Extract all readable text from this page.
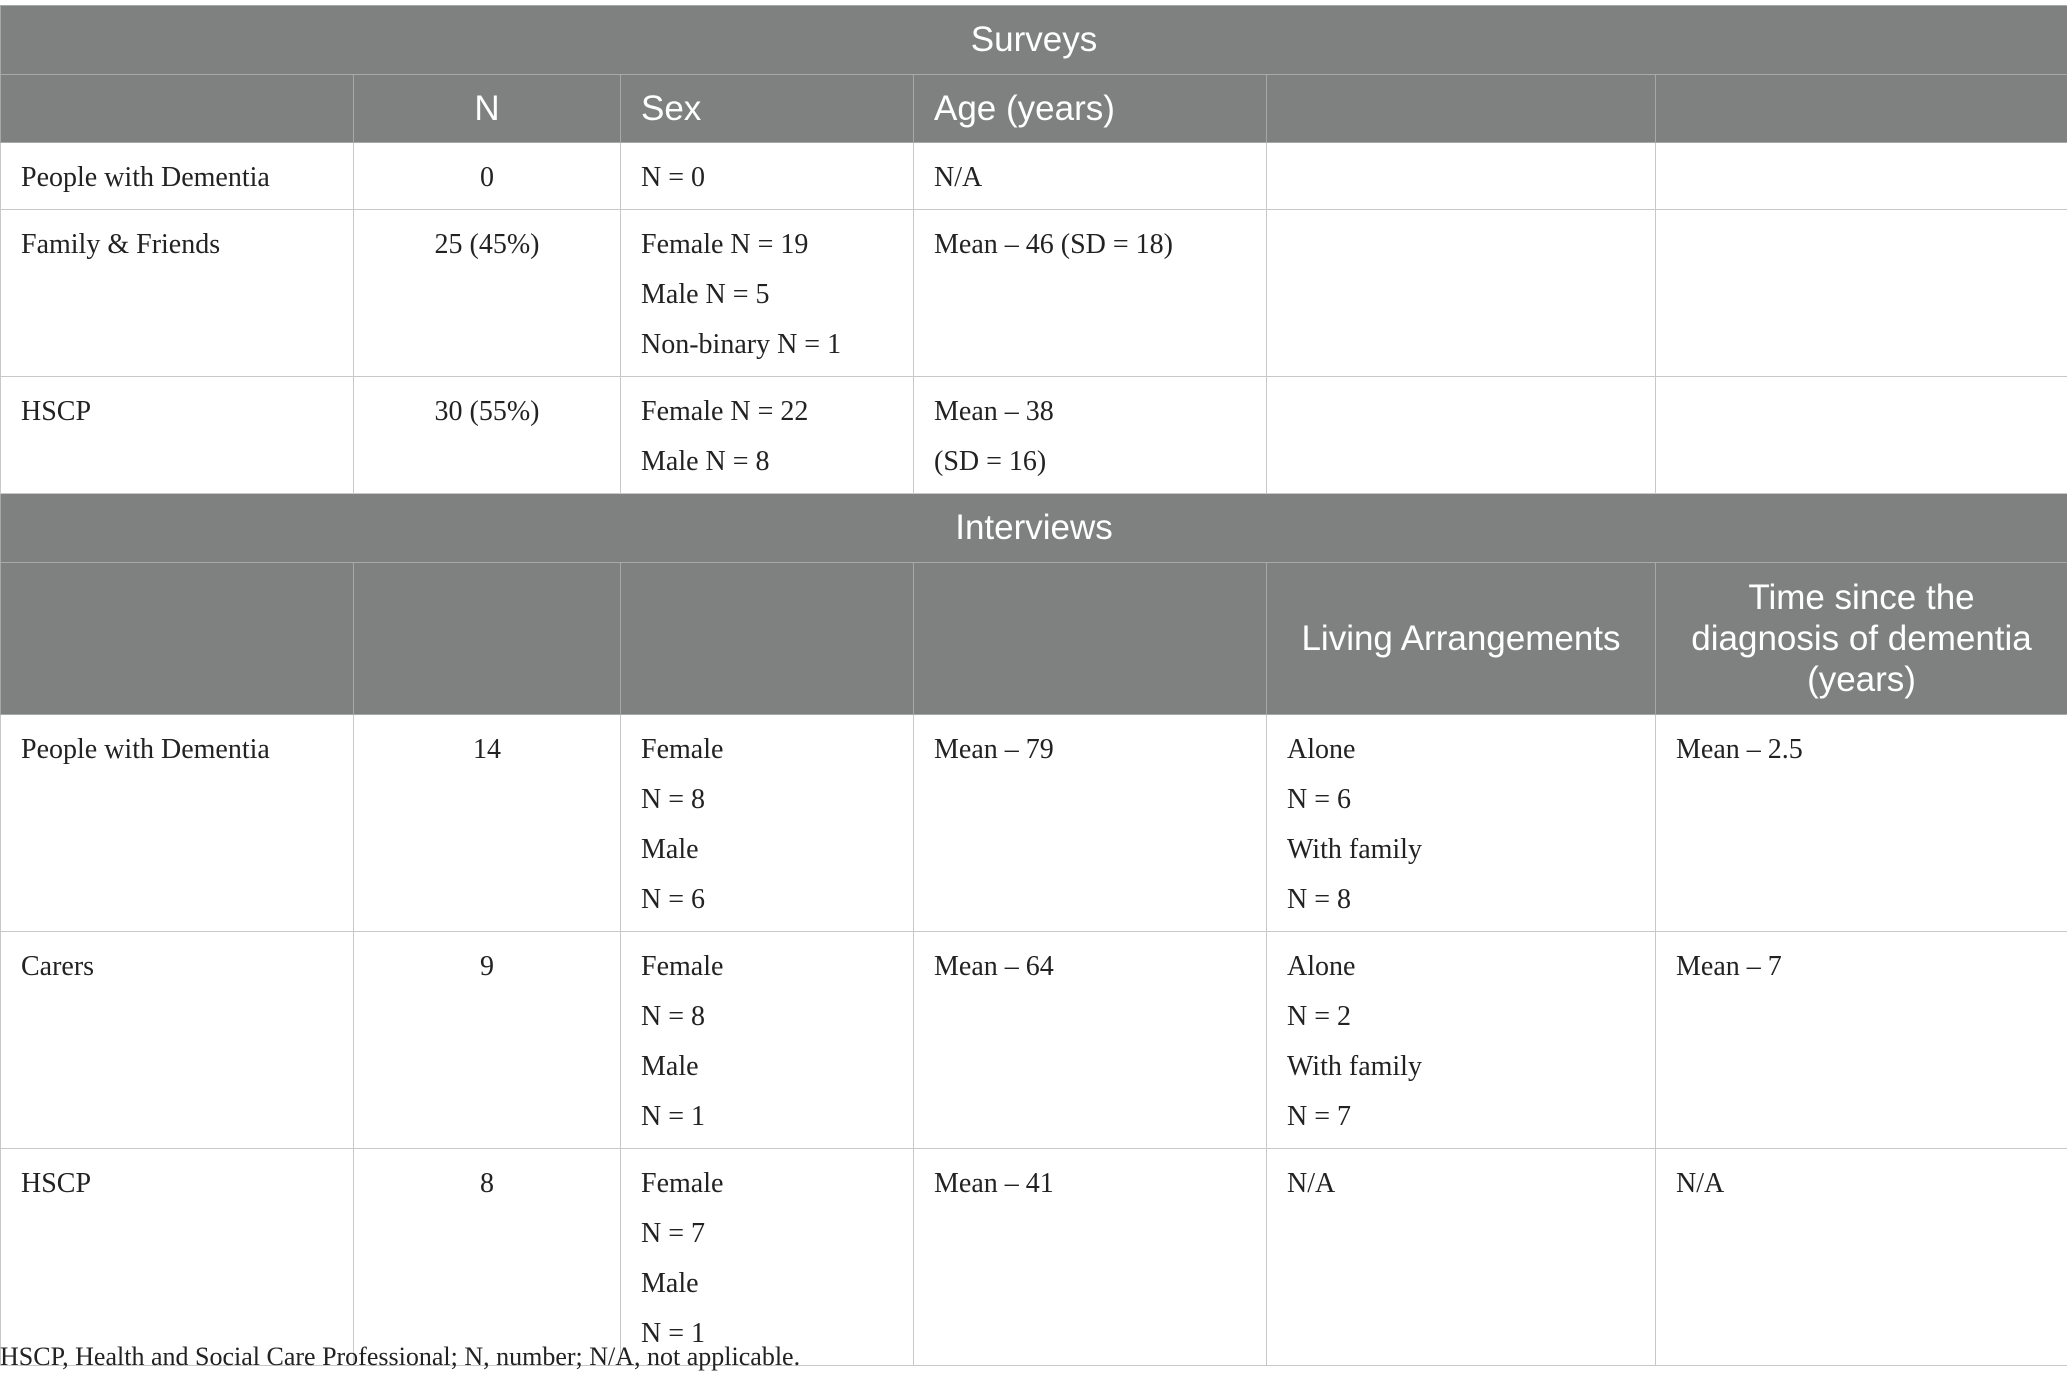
Surveys					
	N	Sex	Age (years)		

People with Dementia	0	N = 0	N/A		

Family & Friends	25 (45%)	Female N = 19
Male N = 5
Non-binary N = 1	Mean – 46 (SD = 18)		

HSCP	30 (55%)	Female N = 22
Male N = 8	Mean – 38
(SD = 16)		

Interviews					
				Living Arrangements	Time since the diagnosis of dementia (years)

People with Dementia	14	Female
N = 8
Male
N = 6	Mean – 79	Alone
N = 6
With family
N = 8	Mean – 2.5

Carers	9	Female
N = 8
Male
N = 1	Mean – 64	Alone
N = 2
With family
N = 7	Mean – 7

HSCP	8	Female
N = 7
Male
N = 1	Mean – 41	N/A	N/A
HSCP, Health and Social Care Professional; N, number; N/A, not applicable.
